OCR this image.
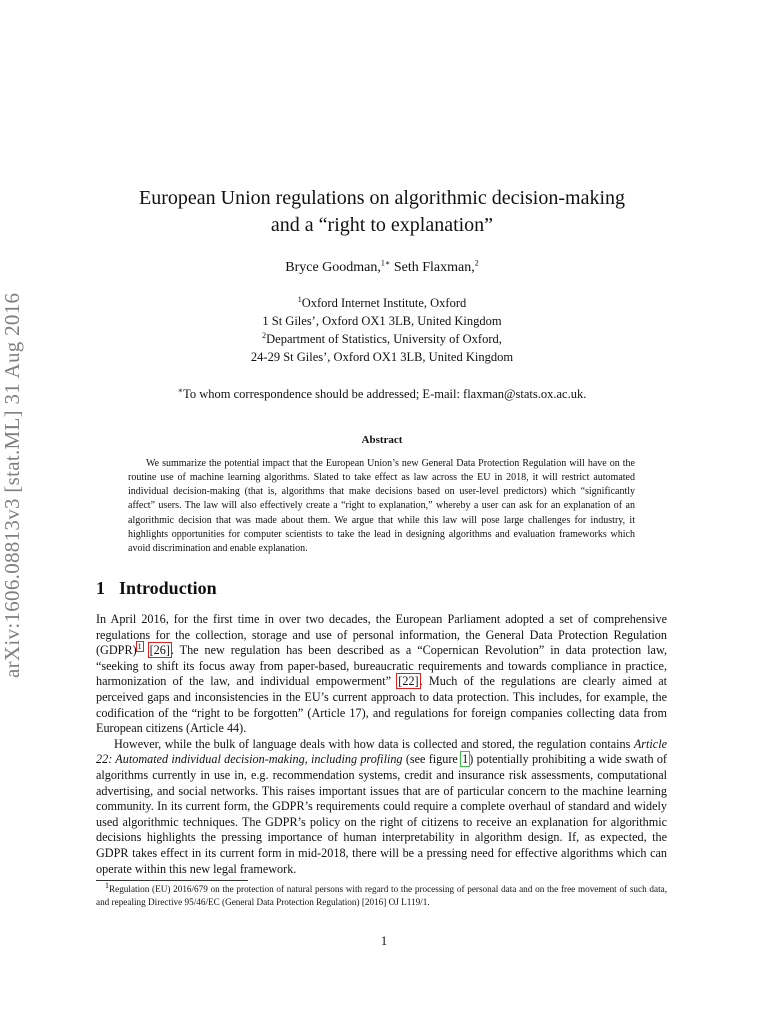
arXiv:1606.08813v3 [stat.ML] 31 Aug 2016
European Union regulations on algorithmic decision-making
and a “right to explanation”
Bryce Goodman,$^{1∗}$ Seth Flaxman,$^2$
$^1$Oxford Internet Institute, Oxford
1 St Giles’, Oxford OX1 3LB, United Kingdom
$^2$Department of Statistics, University of Oxford,
24-29 St Giles’, Oxford OX1 3LB, United Kingdom
∗To whom correspondence should be addressed; E-mail: flaxman@stats.ox.ac.uk.
Abstract

We summarize the potential impact that the European Union’s new General Data Protection Regulation will have on the routine use of machine learning algorithms. Slated to take effect as law across the EU in 2018, it will restrict automated individual decision-making (that is, algorithms that make decisions based on user-level predictors) which “significantly affect” users. The law will also effectively create a “right to explanation,” whereby a user can ask for an explanation of an algorithmic decision that was made about them. We argue that while this law will pose large challenges for industry, it highlights opportunities for computer scientists to take the lead in designing algorithms and evaluation frameworks which avoid discrimination and enable explanation.

1 Introduction

In April 2016, for the first time in over two decades, the European Parliament adopted a set of comprehensive regulations for the collection, storage and use of personal information, the General Data Protection Regulation (GDPR)$^1$ [26]. The new regulation has been described as a “Copernican Revolution” in data protection law, “seeking to shift its focus away from paper-based, bureaucratic requirements and towards compliance in practice, harmonization of the law, and individual empowerment” [22]. Much of the regulations are clearly aimed at perceived gaps and inconsistencies in the EU’s current approach to data protection. This includes, for example, the codification of the “right to be forgotten” (Article 17), and regulations for foreign companies collecting data from European citizens (Article 44).

However, while the bulk of language deals with how data is collected and stored, the regulation contains Article 22: Automated individual decision-making, including profiling (see figure 1) potentially prohibiting a wide swath of algorithms currently in use in, e.g. recommendation systems, credit and insurance risk assessments, computational advertising, and social networks. This raises important issues that are of particular concern to the machine learning community. In its current form, the GDPR’s requirements could require a complete overhaul of standard and widely used algorithmic techniques. The GDPR’s policy on the right of citizens to receive an explanation for algorithmic decisions highlights the pressing importance of human interpretability in algorithm design. If, as expected, the GDPR takes effect in its current form in mid-2018, there will be a pressing need for effective algorithms which can operate within this new legal framework.

$^1$Regulation (EU) 2016/679 on the protection of natural persons with regard to the processing of personal data and on the free movement of such data, and repealing Directive 95/46/EC (General Data Protection Regulation) [2016] OJ L119/1.
1
